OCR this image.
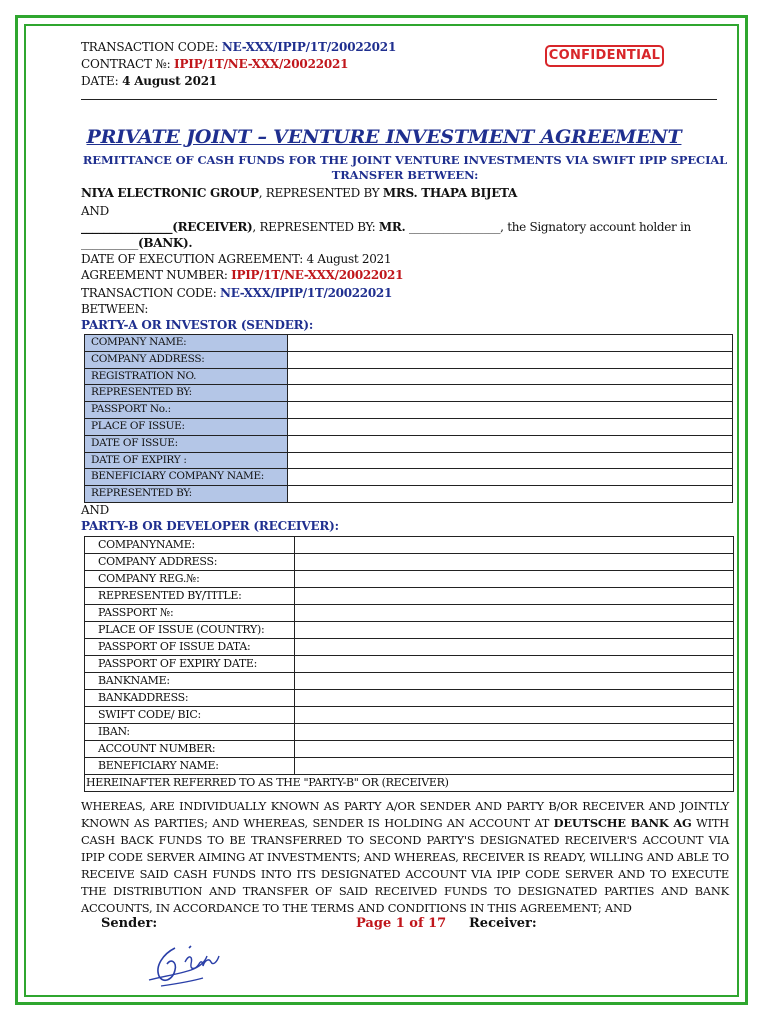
TRANSACTION CODE: NE-XXX/IPIP/1T/20022021
CONTRACT №: IPIP/1T/NE-XXX/20022021
DATE: 4 August 2021
CONFIDENTIAL
PRIVATE JOINT – VENTURE INVESTMENT AGREEMENT
REMITTANCE OF CASH FUNDS FOR THE JOINT VENTURE INVESTMENTS VIA SWIFT IPIP SPECIAL TRANSFER BETWEEN:
NIYA ELECTRONIC GROUP, REPRESENTED BY MRS. THAPA BIJETA
AND
________________(RECEIVER), REPRESENTED BY: MR. ________________, the Signatory account holder in
__________(BANK).
DATE OF EXECUTION AGREEMENT: 4 August 2021
AGREEMENT NUMBER: IPIP/1T/NE-XXX/20022021
TRANSACTION CODE: NE-XXX/IPIP/1T/20022021
BETWEEN:
PARTY-A OR INVESTOR (SENDER):
COMPANY NAME:	
COMPANY ADDRESS:	
REGISTRATION NO.	
REPRESENTED BY:	
PASSPORT No.:	
PLACE OF ISSUE:	
DATE OF ISSUE:	
DATE OF EXPIRY :	
BENEFICIARY COMPANY NAME:	
REPRESENTED BY:	
AND
PARTY-B OR DEVELOPER (RECEIVER):
COMPANYNAME:	
COMPANY ADDRESS:	
COMPANY REG.№:	
REPRESENTED BY/TITLE:	
PASSPORT №:	
PLACE OF ISSUE (COUNTRY):	
PASSPORT OF ISSUE DATA:	
PASSPORT OF EXPIRY DATE:	
BANKNAME:	
BANKADDRESS:	
SWIFT CODE/ BIC:	
IBAN:	
ACCOUNT NUMBER:	
BENEFICIARY NAME:	
HEREINAFTER REFERRED TO AS THE "PARTY-B" OR (RECEIVER)	
WHEREAS, ARE INDIVIDUALLY KNOWN AS PARTY A/OR SENDER AND PARTY B/OR RECEIVER AND JOINTLY KNOWN AS PARTIES; AND WHEREAS, SENDER IS HOLDING AN ACCOUNT AT DEUTSCHE BANK AG WITH CASH BACK FUNDS TO BE TRANSFERRED TO SECOND PARTY'S DESIGNATED RECEIVER'S ACCOUNT VIA IPIP CODE SERVER AIMING AT INVESTMENTS; AND WHEREAS, RECEIVER IS READY, WILLING AND ABLE TO RECEIVE SAID CASH FUNDS INTO ITS DESIGNATED ACCOUNT VIA IPIP CODE SERVER AND TO EXECUTE THE DISTRIBUTION AND TRANSFER OF SAID RECEIVED FUNDS TO DESIGNATED PARTIES AND BANK ACCOUNTS, IN ACCORDANCE TO THE TERMS AND CONDITIONS IN THIS AGREEMENT; AND
Sender:	Page 1 of 17 Receiver:
